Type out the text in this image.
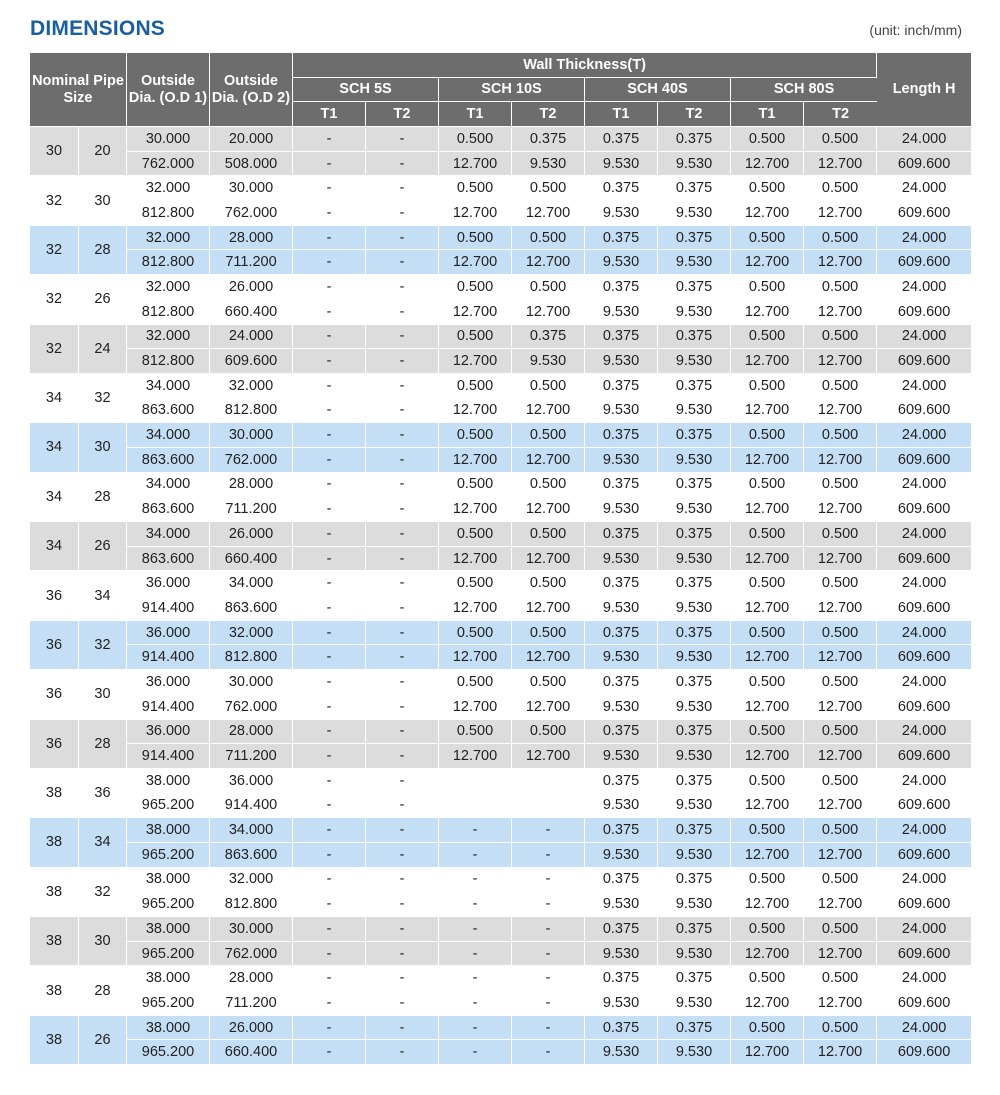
DIMENSIONS	(unit: inch/mm)
Nominal Pipe Size		Outside Dia. (O.D 1)	Outside Dia. (O.D 2)	Wall Thickness(T)								Length H
				SCH 5S		SCH 10S		SCH 40S		SCH 80S		
				T1	T2	T1	T2	T1	T2	T1	T2	
30	20	30.000	20.000	-	-	0.500	0.375	0.375	0.375	0.500	0.500	24.000
		762.000	508.000	-	-	12.700	9.530	9.530	9.530	12.700	12.700	609.600
32	30	32.000	30.000	-	-	0.500	0.500	0.375	0.375	0.500	0.500	24.000
		812.800	762.000	-	-	12.700	12.700	9.530	9.530	12.700	12.700	609.600
32	28	32.000	28.000	-	-	0.500	0.500	0.375	0.375	0.500	0.500	24.000
		812.800	711.200	-	-	12.700	12.700	9.530	9.530	12.700	12.700	609.600
32	26	32.000	26.000	-	-	0.500	0.500	0.375	0.375	0.500	0.500	24.000
		812.800	660.400	-	-	12.700	12.700	9.530	9.530	12.700	12.700	609.600
32	24	32.000	24.000	-	-	0.500	0.375	0.375	0.375	0.500	0.500	24.000
		812.800	609.600	-	-	12.700	9.530	9.530	9.530	12.700	12.700	609.600
34	32	34.000	32.000	-	-	0.500	0.500	0.375	0.375	0.500	0.500	24.000
		863.600	812.800	-	-	12.700	12.700	9.530	9.530	12.700	12.700	609.600
34	30	34.000	30.000	-	-	0.500	0.500	0.375	0.375	0.500	0.500	24.000
		863.600	762.000	-	-	12.700	12.700	9.530	9.530	12.700	12.700	609.600
34	28	34.000	28.000	-	-	0.500	0.500	0.375	0.375	0.500	0.500	24.000
		863.600	711.200	-	-	12.700	12.700	9.530	9.530	12.700	12.700	609.600
34	26	34.000	26.000	-	-	0.500	0.500	0.375	0.375	0.500	0.500	24.000
		863.600	660.400	-	-	12.700	12.700	9.530	9.530	12.700	12.700	609.600
36	34	36.000	34.000	-	-	0.500	0.500	0.375	0.375	0.500	0.500	24.000
		914.400	863.600	-	-	12.700	12.700	9.530	9.530	12.700	12.700	609.600
36	32	36.000	32.000	-	-	0.500	0.500	0.375	0.375	0.500	0.500	24.000
		914.400	812.800	-	-	12.700	12.700	9.530	9.530	12.700	12.700	609.600
36	30	36.000	30.000	-	-	0.500	0.500	0.375	0.375	0.500	0.500	24.000
		914.400	762.000	-	-	12.700	12.700	9.530	9.530	12.700	12.700	609.600
36	28	36.000	28.000	-	-	0.500	0.500	0.375	0.375	0.500	0.500	24.000
		914.400	711.200	-	-	12.700	12.700	9.530	9.530	12.700	12.700	609.600
38	36	38.000	36.000	-	-			0.375	0.375	0.500	0.500	24.000
		965.200	914.400	-	-			9.530	9.530	12.700	12.700	609.600
38	34	38.000	34.000	-	-	-	-	0.375	0.375	0.500	0.500	24.000
		965.200	863.600	-	-	-	-	9.530	9.530	12.700	12.700	609.600
38	32	38.000	32.000	-	-	-	-	0.375	0.375	0.500	0.500	24.000
		965.200	812.800	-	-	-	-	9.530	9.530	12.700	12.700	609.600
38	30	38.000	30.000	-	-	-	-	0.375	0.375	0.500	0.500	24.000
		965.200	762.000	-	-	-	-	9.530	9.530	12.700	12.700	609.600
38	28	38.000	28.000	-	-	-	-	0.375	0.375	0.500	0.500	24.000
		965.200	711.200	-	-	-	-	9.530	9.530	12.700	12.700	609.600
38	26	38.000	26.000	-	-	-	-	0.375	0.375	0.500	0.500	24.000
		965.200	660.400	-	-	-	-	9.530	9.530	12.700	12.700	609.600
